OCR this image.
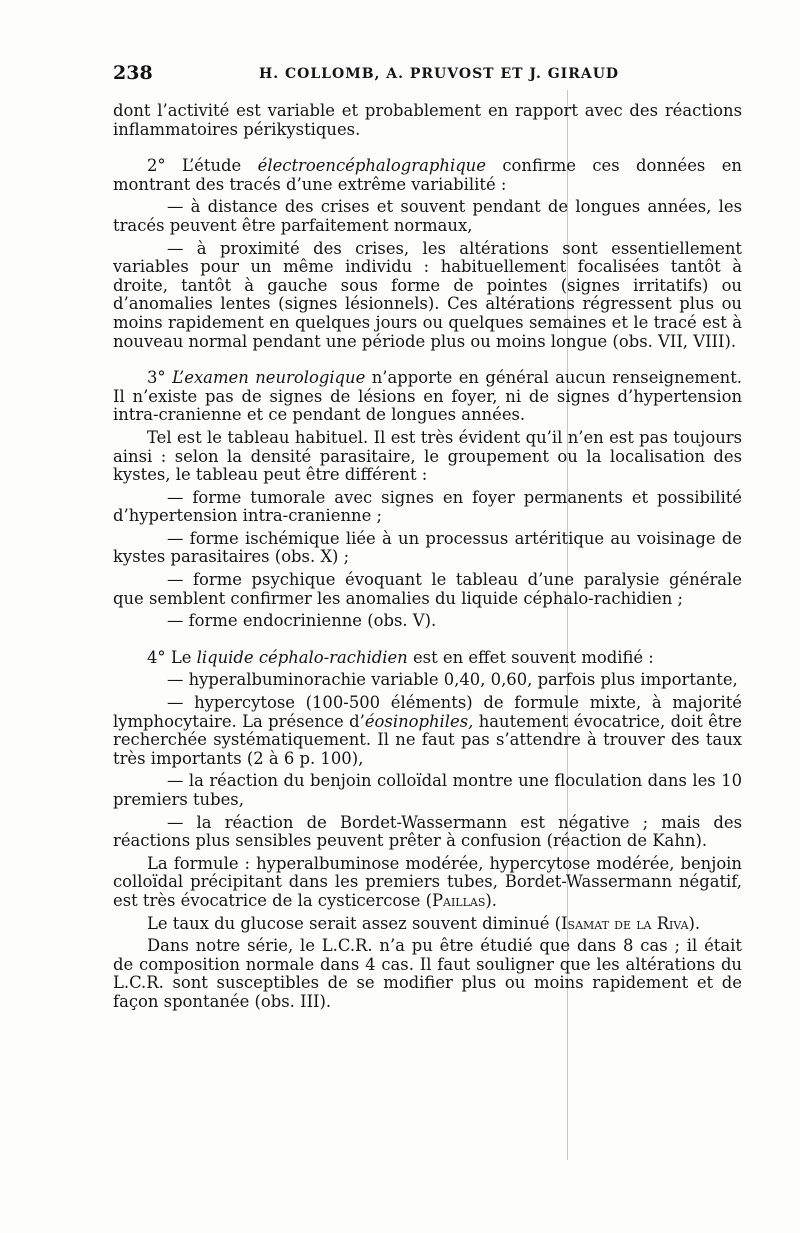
238	H. COLLOMB, A. PRUVOST ET J. GIRAUD

dont l’activité est variable et probablement en rapport avec des réactions inflammatoires périkystiques.

2° L’étude électroencéphalographique confirme ces données en montrant des tracés d’une extrême variabilité :

— à distance des crises et souvent pendant de longues années, les tracés peuvent être parfaitement normaux,

— à proximité des crises, les altérations sont essentiellement variables pour un même individu : habituellement focalisées tantôt à droite, tantôt à gauche sous forme de pointes (signes irritatifs) ou d’anomalies lentes (signes lésionnels). Ces altérations régressent plus ou moins rapidement en quelques jours ou quelques semaines et le tracé est à nouveau normal pendant une période plus ou moins longue (obs. VII, VIII).

3° L’examen neurologique n’apporte en général aucun renseignement. Il n’existe pas de signes de lésions en foyer, ni de signes d’hypertension intra-cranienne et ce pendant de longues années.

Tel est le tableau habituel. Il est très évident qu’il n’en est pas toujours ainsi : selon la densité parasitaire, le groupement ou la localisation des kystes, le tableau peut être différent :

— forme tumorale avec signes en foyer permanents et possibilité d’hypertension intra-cranienne ;

— forme ischémique liée à un processus artéritique au voisinage de kystes parasitaires (obs. X) ;

— forme psychique évoquant le tableau d’une paralysie générale que semblent confirmer les anomalies du liquide céphalo-rachidien ;

— forme endocrinienne (obs. V).

4° Le liquide céphalo-rachidien est en effet souvent modifié :

— hyperalbuminorachie variable 0,40, 0,60, parfois plus importante,

— hypercytose (100-500 éléments) de formule mixte, à majorité lymphocytaire. La présence d’éosinophiles, hautement évocatrice, doit être recherchée systématiquement. Il ne faut pas s’attendre à trouver des taux très importants (2 à 6 p. 100),

— la réaction du benjoin colloïdal montre une floculation dans les 10 premiers tubes,

— la réaction de Bordet-Wassermann est négative ; mais des réactions plus sensibles peuvent prêter à confusion (réaction de Kahn).

La formule : hyperalbuminose modérée, hypercytose modérée, benjoin colloïdal précipitant dans les premiers tubes, Bordet-Wassermann négatif, est très évocatrice de la cysticercose (Paillas).

Le taux du glucose serait assez souvent diminué (Isamat de la Riva).

Dans notre série, le L.C.R. n’a pu être étudié que dans 8 cas ; il était de composition normale dans 4 cas. Il faut souligner que les altérations du L.C.R. sont susceptibles de se modifier plus ou moins rapidement et de façon spontanée (obs. III).
